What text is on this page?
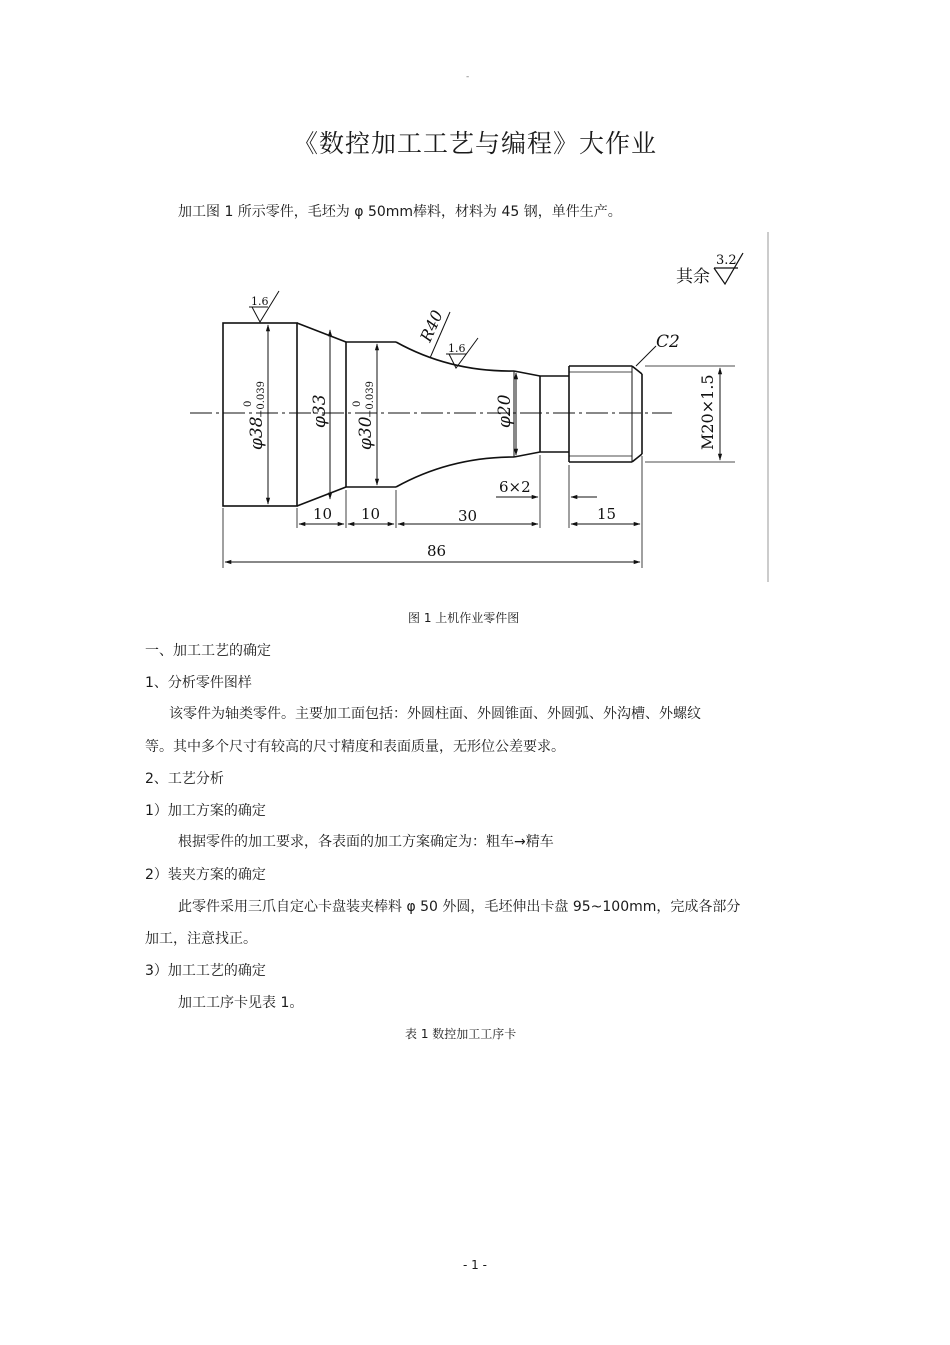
-
《数控加工工艺与编程》大作业
加工图 1 所示零件，毛坯为 φ 50mm棒料，材料为 45 钢，单件生产。
φ38
0 −0.039	φ33
φ30
0 −0.039	φ20	M20×1.5
C2
R40
1.6
1.6
其余
3.2
6×2
10 10	30	15
86
图 1 上机作业零件图
一、加工工艺的确定
1、分析零件图样
该零件为轴类零件。主要加工面包括：外圆柱面、外圆锥面、外圆弧、外沟槽、外螺纹
等。其中多个尺寸有较高的尺寸精度和表面质量，无形位公差要求。
2、工艺分析
1）加工方案的确定
根据零件的加工要求，各表面的加工方案确定为：粗车→精车
2）装夹方案的确定
此零件采用三爪自定心卡盘装夹棒料 φ 50 外圆，毛坯伸出卡盘 95~100mm，完成各部分
加工，注意找正。
3）加工工艺的确定
加工工序卡见表 1。
表 1 数控加工工序卡
- 1 -
